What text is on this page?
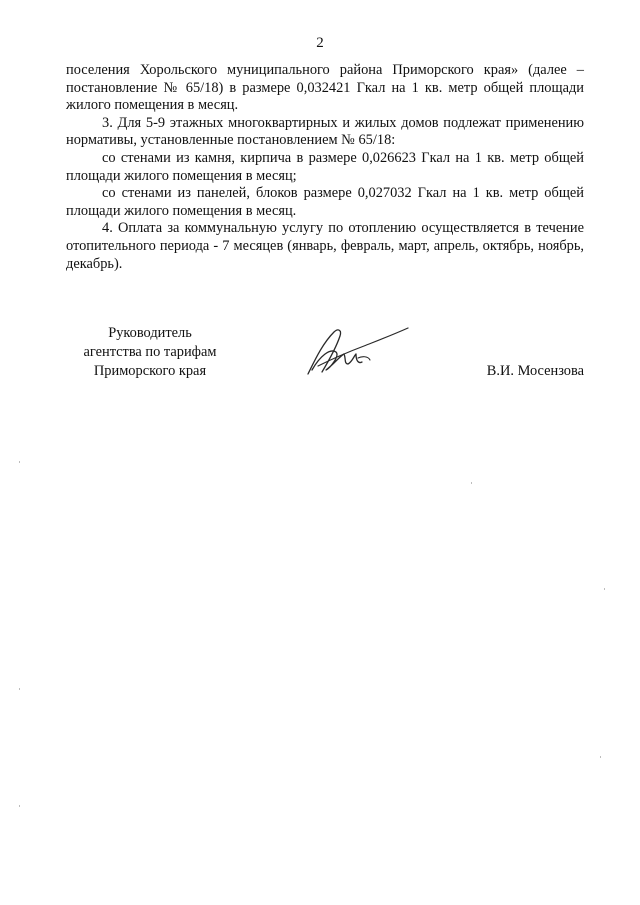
2

поселения Хорольского муниципального района Приморского края» (далее – постановление № 65/18) в размере 0,032421 Гкал на 1 кв. метр общей площади жилого помещения в месяц.

3. Для 5-9 этажных многоквартирных и жилых домов подлежат применению нормативы, установленные постановлением № 65/18:

со стенами из камня, кирпича в размере 0,026623 Гкал на 1 кв. метр общей площади жилого помещения в месяц;

со стенами из панелей, блоков размере 0,027032 Гкал на 1 кв. метр общей площади жилого помещения в месяц.

4. Оплата за коммунальную услугу по отоплению осуществляется в течение отопительного периода - 7 месяцев (январь, февраль, март, апрель, октябрь, ноябрь, декабрь).

Руководитель
агентства по тарифам
Приморского края	В.И. Мосензова
